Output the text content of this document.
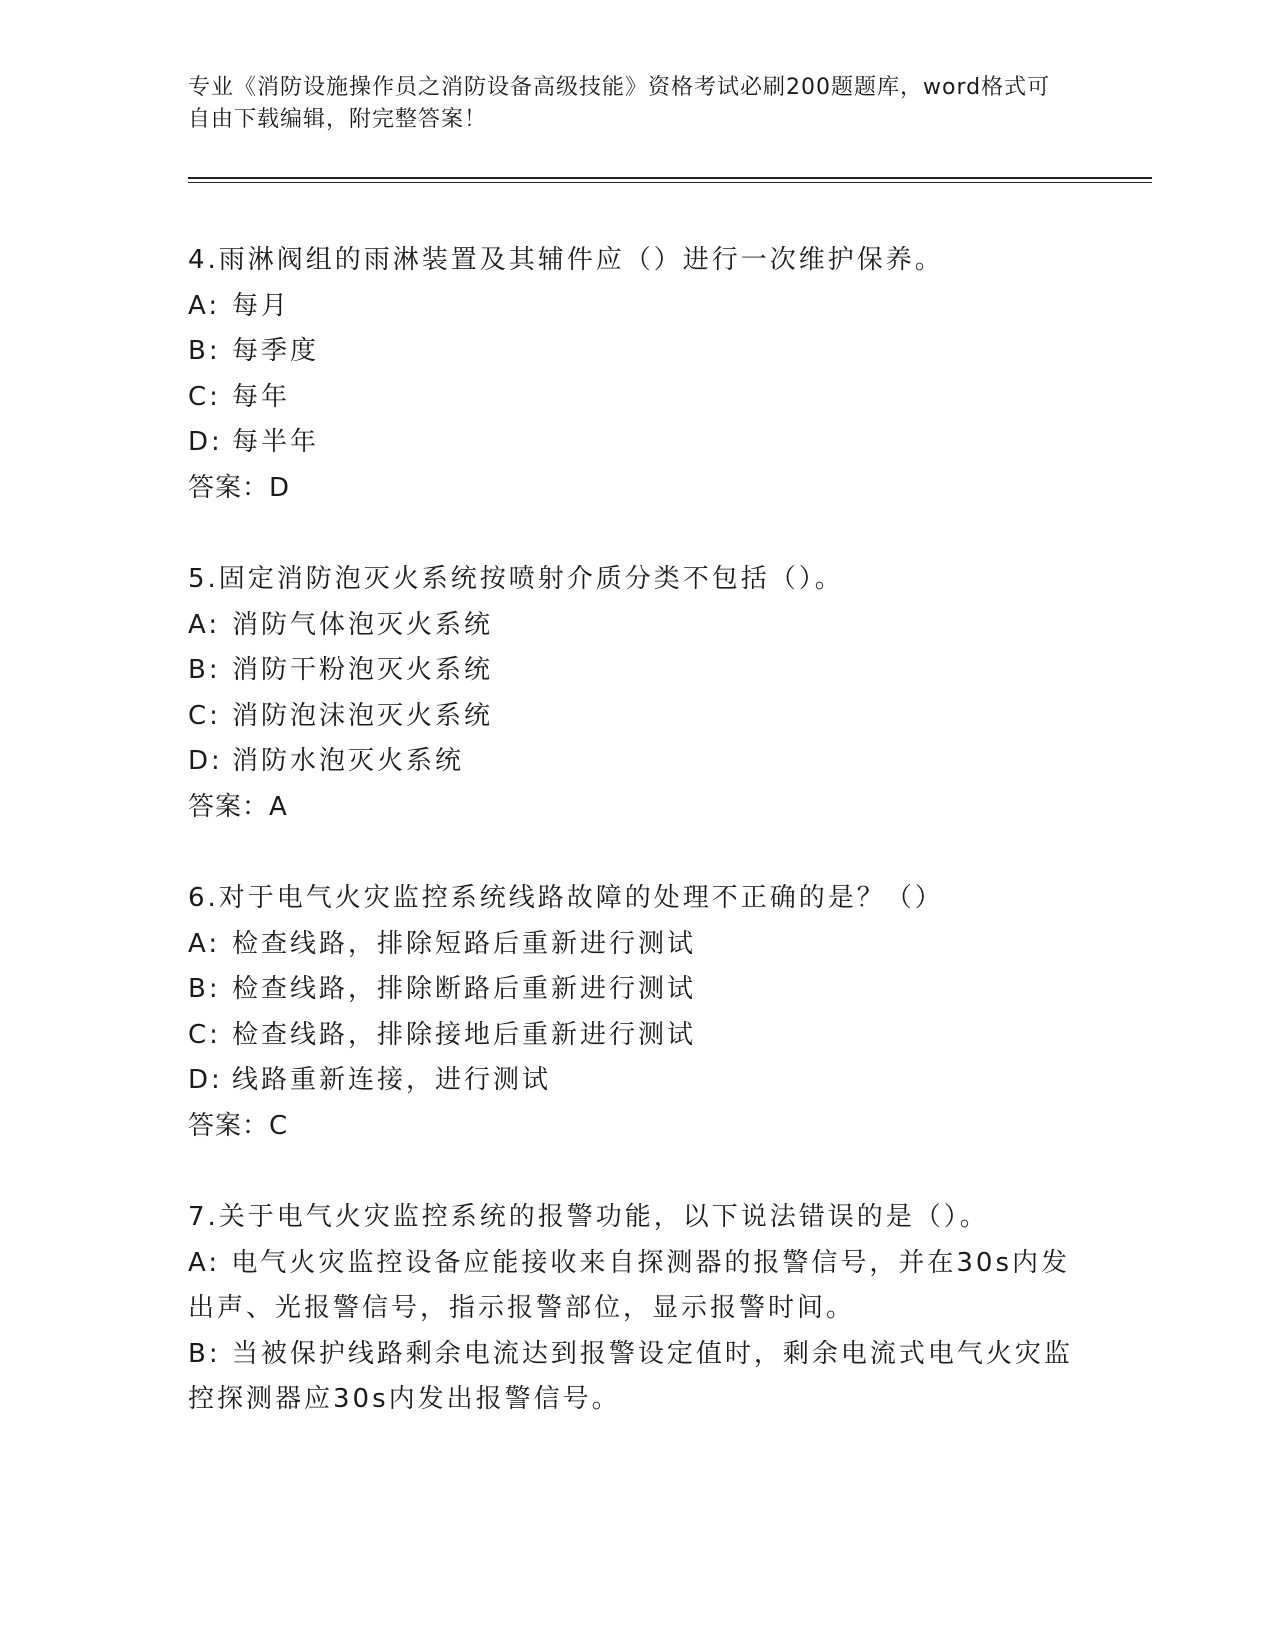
专业《消防设施操作员之消防设备高级技能》资格考试必刷200题题库，word格式可自由下载编辑，附完整答案！
4.雨淋阀组的雨淋装置及其辅件应（）进行一次维护保养。
A: 每月
B: 每季度
C: 每年
D: 每半年
答案：D
5.固定消防泡灭火系统按喷射介质分类不包括（）。
A: 消防气体泡灭火系统
B: 消防干粉泡灭火系统
C: 消防泡沫泡灭火系统
D: 消防水泡灭火系统
答案：A
6.对于电气火灾监控系统线路故障的处理不正确的是？（）
A: 检查线路，排除短路后重新进行测试
B: 检查线路，排除断路后重新进行测试
C: 检查线路，排除接地后重新进行测试
D: 线路重新连接，进行测试
答案：C
7.关于电气火灾监控系统的报警功能，以下说法错误的是（）。
A: 电气火灾监控设备应能接收来自探测器的报警信号，并在30s内发出声、光报警信号，指示报警部位，显示报警时间。
B: 当被保护线路剩余电流达到报警设定值时，剩余电流式电气火灾监控探测器应30s内发出报警信号。
